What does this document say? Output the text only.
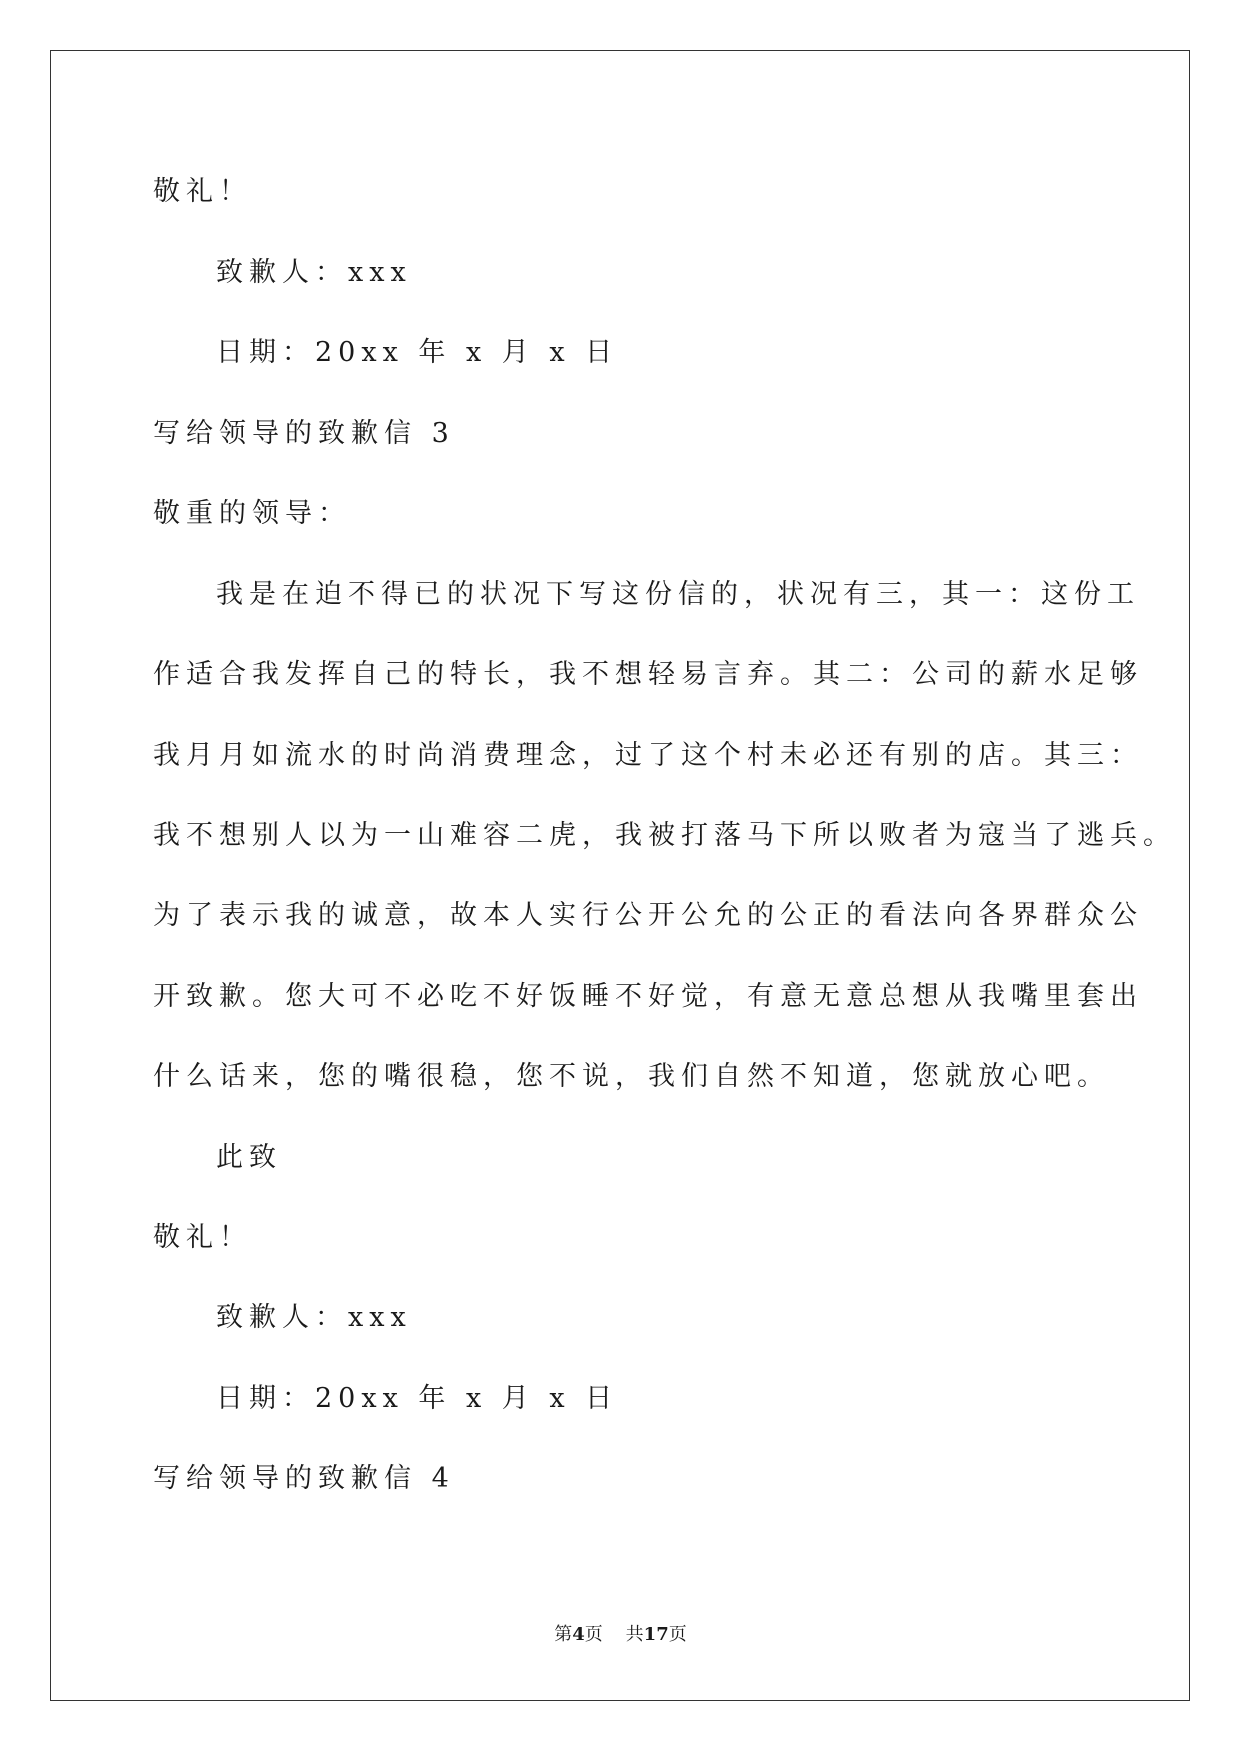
敬礼！
致歉人：xxx
日期：20xx 年 x 月 x 日
写给领导的致歉信 3
敬重的领导：
我是在迫不得已的状况下写这份信的，状况有三，其一：这份工
作适合我发挥自己的特长，我不想轻易言弃。其二：公司的薪水足够
我月月如流水的时尚消费理念，过了这个村未必还有别的店。其三：
我不想别人以为一山难容二虎，我被打落马下所以败者为寇当了逃兵。
为了表示我的诚意，故本人实行公开公允的公正的看法向各界群众公
开致歉。您大可不必吃不好饭睡不好觉，有意无意总想从我嘴里套出
什么话来，您的嘴很稳，您不说，我们自然不知道，您就放心吧。
此致
敬礼！
致歉人：xxx
日期：20xx 年 x 月 x 日
写给领导的致歉信 4
第4页 共17页
